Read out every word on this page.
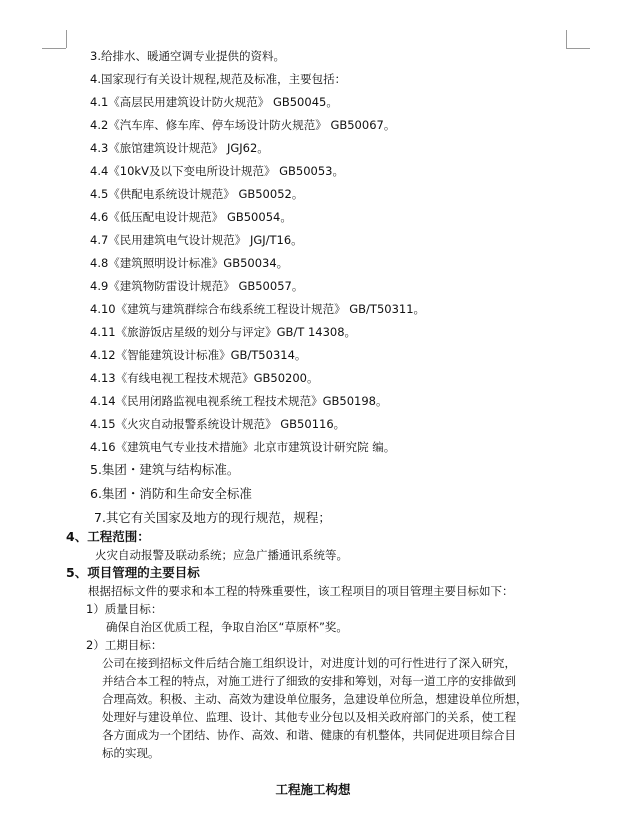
3.给排水、暖通空调专业提供的资料。
4.国家现行有关设计规程,规范及标准，主要包括：
4.1《高层民用建筑设计防火规范》 GB50045。
4.2《汽车库、修车库、停车场设计防火规范》 GB50067。
4.3《旅馆建筑设计规范》 JGJ62。
4.4《10kV及以下变电所设计规范》 GB50053。
4.5《供配电系统设计规范》 GB50052。
4.6《低压配电设计规范》 GB50054。
4.7《民用建筑电气设计规范》 JGJ/T16。
4.8《建筑照明设计标准》GB50034。
4.9《建筑物防雷设计规范》 GB50057。
4.10《建筑与建筑群综合布线系统工程设计规范》 GB/T50311。
4.11《旅游饭店星级的划分与评定》GB/T 14308。
4.12《智能建筑设计标准》GB/T50314。
4.13《有线电视工程技术规范》GB50200。
4.14《民用闭路监视电视系统工程技术规范》GB50198。
4.15《火灾自动报警系统设计规范》 GB50116。
4.16《建筑电气专业技术措施》北京市建筑设计研究院 编。
5.集团・建筑与结构标准。
6.集团・消防和生命安全标准
7.其它有关国家及地方的现行规范，规程；
4、工程范围：
火灾自动报警及联动系统；应急广播通讯系统等。
5、项目管理的主要目标
根据招标文件的要求和本工程的特殊重要性，该工程项目的项目管理主要目标如下：
1）质量目标：
确保自治区优质工程，争取自治区“草原杯”奖。
2）工期目标：
公司在接到招标文件后结合施工组织设计，对进度计划的可行性进行了深入研究，
并结合本工程的特点，对施工进行了细致的安排和筹划，对每一道工序的安排做到
合理高效。积极、主动、高效为建设单位服务，急建设单位所急，想建设单位所想，
处理好与建设单位、监理、设计、其他专业分包以及相关政府部门的关系，使工程
各方面成为一个团结、协作、高效、和谐、健康的有机整体，共同促进项目综合目
标的实现。
工程施工构想
